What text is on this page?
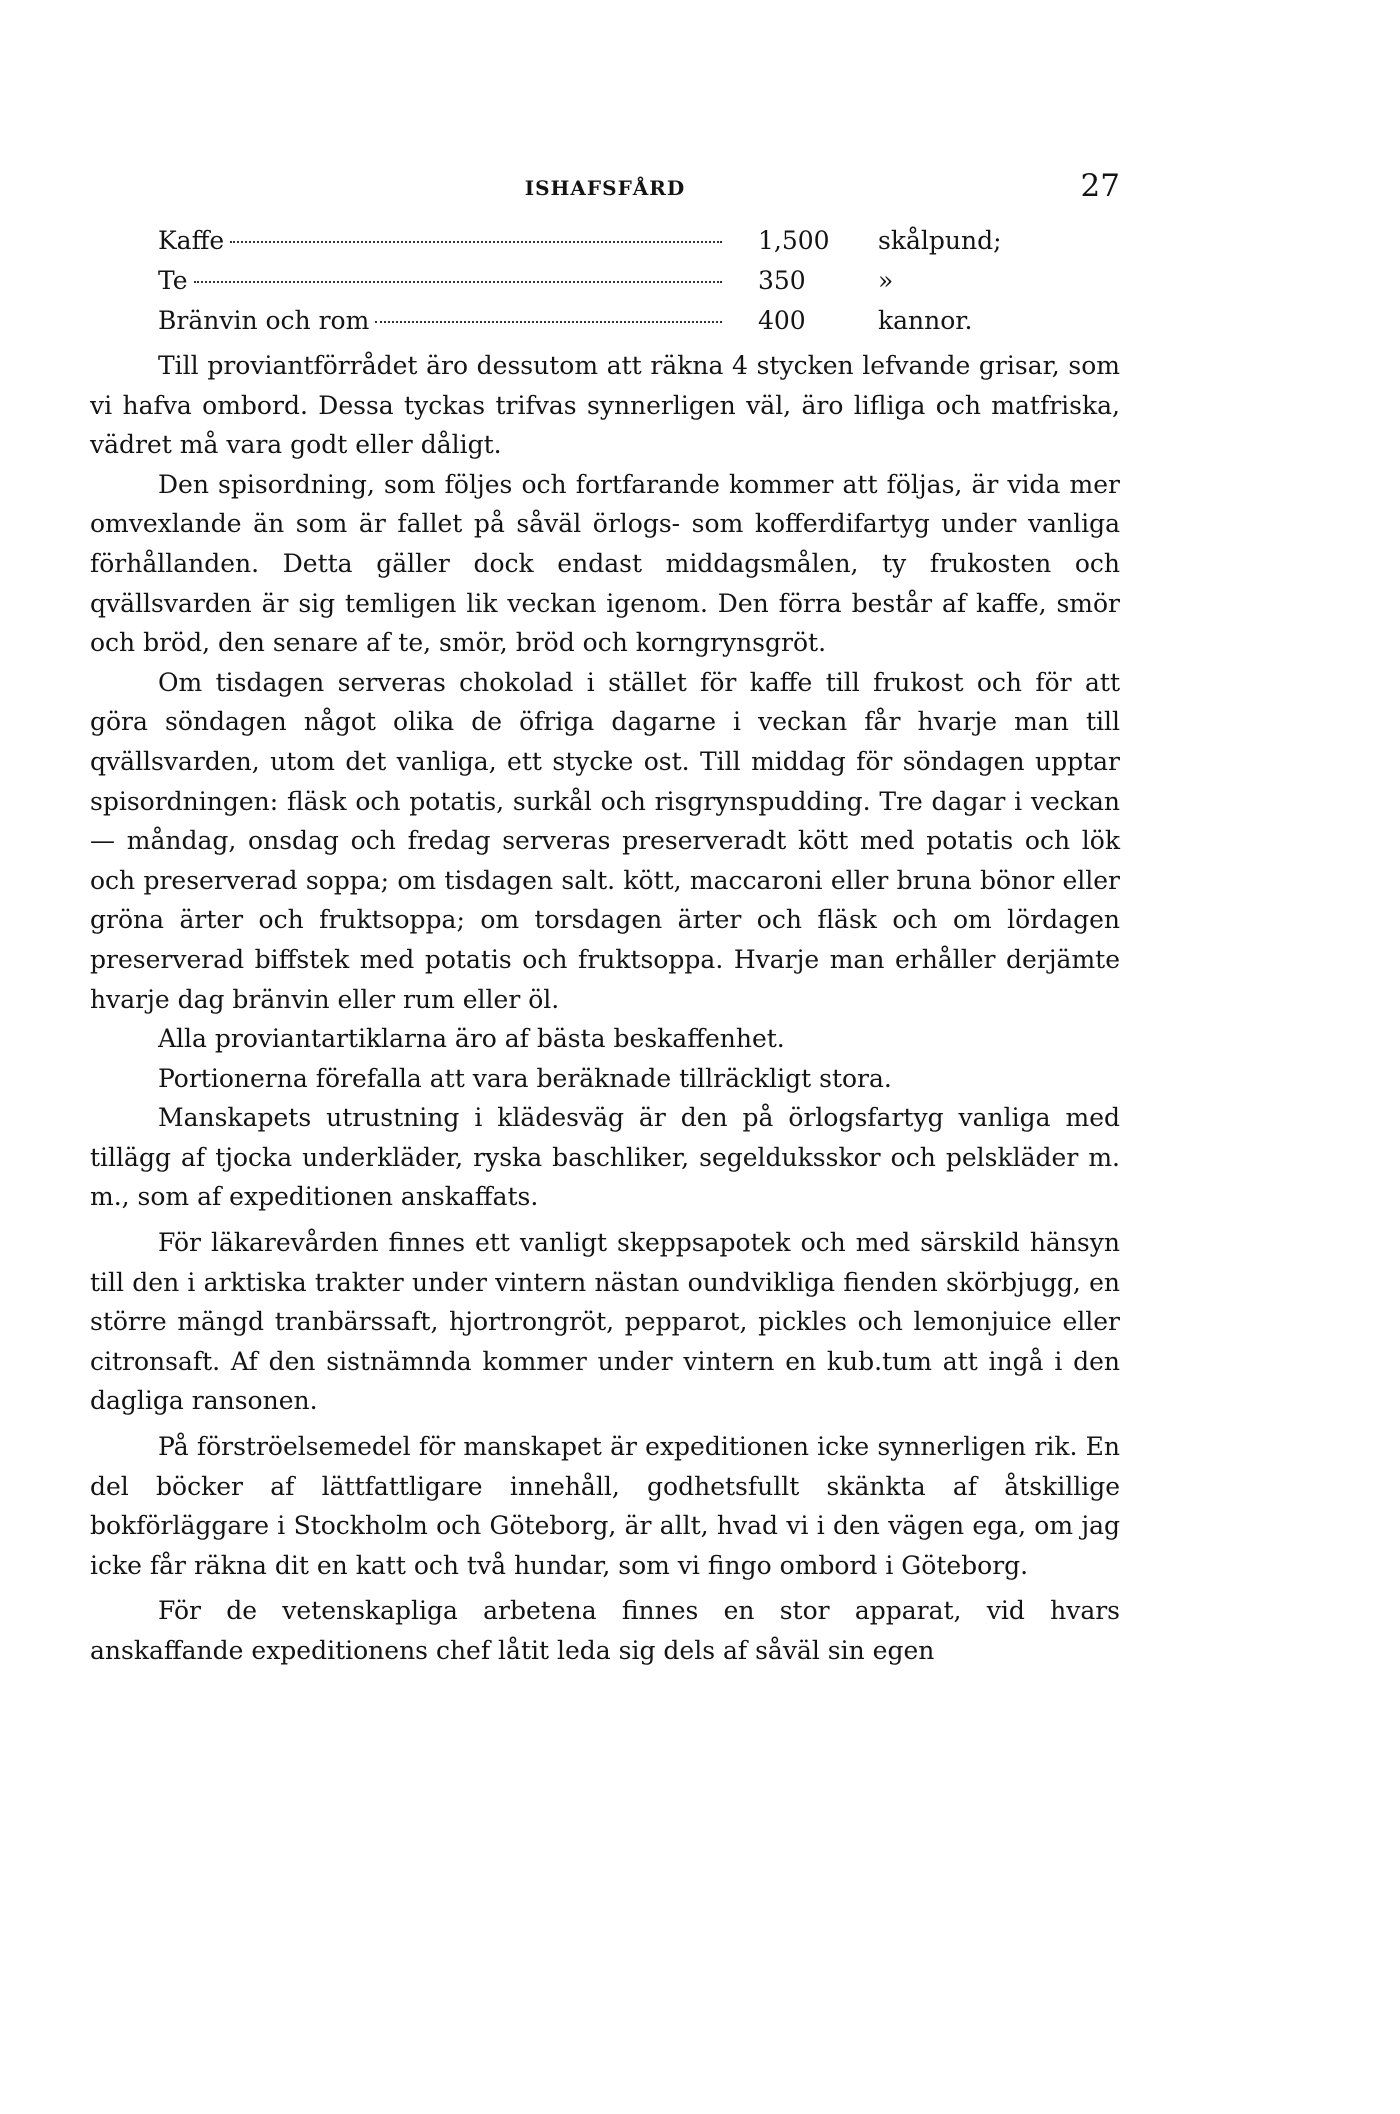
ISHAFSFÅRD	27
Kaffe	1,500	skålpund;
Te	350	»
Bränvin och rom	400	kannor.

Till proviantförrådet äro dessutom att räkna 4 stycken lefvande grisar, som vi hafva ombord. Dessa tyckas trifvas synnerligen väl, äro lifliga och matfriska, vädret må vara godt eller dåligt.

Den spisordning, som följes och fortfarande kommer att följas, är vida mer omvexlande än som är fallet på såväl örlogs- som kofferdifartyg under vanliga förhållanden. Detta gäller dock endast middagsmålen, ty frukosten och qvällsvarden är sig temligen lik veckan igenom. Den förra består af kaffe, smör och bröd, den senare af te, smör, bröd och korngrynsgröt.

Om tisdagen serveras chokolad i stället för kaffe till frukost och för att göra söndagen något olika de öfriga dagarne i veckan får hvarje man till qvällsvarden, utom det vanliga, ett stycke ost. Till middag för söndagen upptar spisordningen: fläsk och potatis, surkål och risgrynspudding. Tre dagar i veckan — måndag, onsdag och fredag serveras preserveradt kött med potatis och lök och preserverad soppa; om tisdagen salt. kött, maccaroni eller bruna bönor eller gröna ärter och fruktsoppa; om torsdagen ärter och fläsk och om lördagen preserverad biffstek med potatis och fruktsoppa. Hvarje man erhåller derjämte hvarje dag bränvin eller rum eller öl.

Alla proviantartiklarna äro af bästa beskaffenhet.

Portionerna förefalla att vara beräknade tillräckligt stora.

Manskapets utrustning i klädesväg är den på örlogsfartyg vanliga med tillägg af tjocka underkläder, ryska baschliker, segelduksskor och pelskläder m. m., som af expeditionen anskaffats.

För läkarevården finnes ett vanligt skeppsapotek och med särskild hänsyn till den i arktiska trakter under vintern nästan oundvikliga fienden skörbjugg, en större mängd tranbärssaft, hjortrongröt, pepparot, pickles och lemonjuice eller citronsaft. Af den sistnämnda kommer under vintern en kub.tum att ingå i den dagliga ransonen.

På förströelsemedel för manskapet är expeditionen icke synnerligen rik. En del böcker af lättfattligare innehåll, godhetsfullt skänkta af åtskillige bokförläggare i Stockholm och Göteborg, är allt, hvad vi i den vägen ega, om jag icke får räkna dit en katt och två hundar, som vi fingo ombord i Göteborg.

För de vetenskapliga arbetena finnes en stor apparat, vid hvars anskaffande expeditionens chef låtit leda sig dels af såväl sin egen
